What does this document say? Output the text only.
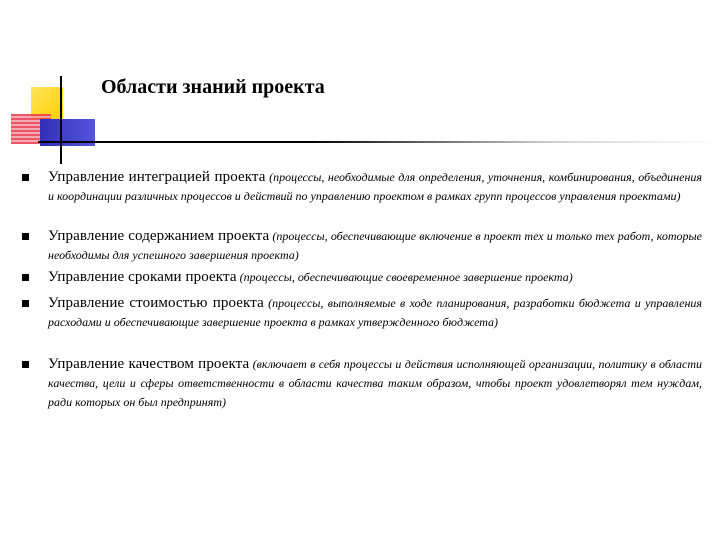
Области знаний проекта
Управление интеграцией проекта (процессы, необходимые для определения, уточнения, комбинирования, объединения и координации различных процессов и действий по управлению проектом в рамках групп процессов управления проектами)
Управление содержанием проекта (процессы, обеспечивающие включение в проект тех и только тех работ, которые необходимы для успешного завершения проекта)
Управление сроками проекта (процессы, обеспечивающие своевременное завершение проекта)
Управление стоимостью проекта (процессы, выполняемые в ходе планирования, разработки бюджета и управления расходами и обеспечивающие завершение проекта в рамках утвержденного бюджета)
Управление качеством проекта (включает в себя процессы и действия исполняющей организации, политику в области качества, цели и сферы ответственности в области качества таким образом, чтобы проект удовлетворял тем нуждам, ради которых он был предпринят)
